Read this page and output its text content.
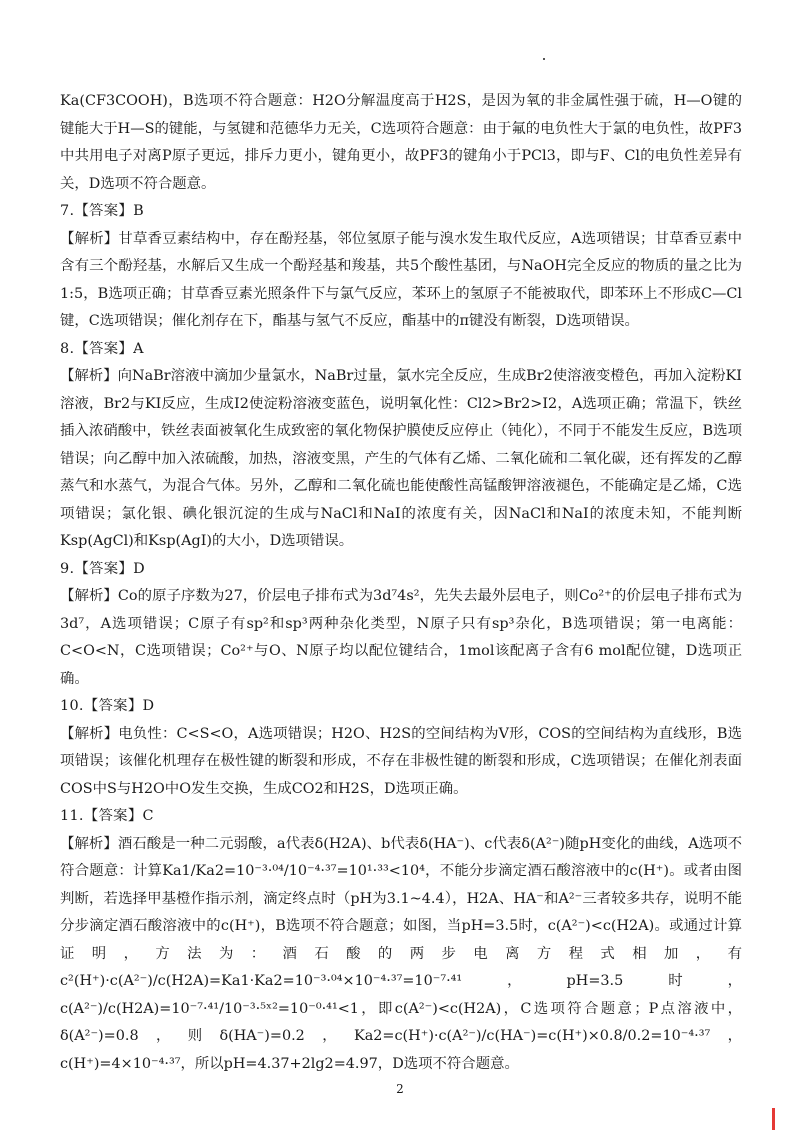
Ka(CF3COOH)，B选项不符合题意：H2O分解温度高于H2S，是因为氧的非金属性强于硫，H—O键的键能大于H—S的键能，与氢键和范德华力无关，C选项符合题意：由于氟的电负性大于氯的电负性，故PF3中共用电子对离P原子更远，排斥力更小，键角更小，故PF3的键角小于PCl3，即与F、Cl的电负性差异有关，D选项不符合题意。

7.【答案】B

【解析】甘草香豆素结构中，存在酚羟基，邻位氢原子能与溴水发生取代反应，A选项错误；甘草香豆素中含有三个酚羟基，水解后又生成一个酚羟基和羧基，共5个酸性基团，与NaOH完全反应的物质的量之比为1:5，B选项正确；甘草香豆素光照条件下与氯气反应，苯环上的氢原子不能被取代，即苯环上不形成C—Cl键，C选项错误；催化剂存在下，酯基与氢气不反应，酯基中的π键没有断裂，D选项错误。

8.【答案】A

【解析】向NaBr溶液中滴加少量氯水，NaBr过量，氯水完全反应，生成Br2使溶液变橙色，再加入淀粉KI溶液，Br2与KI反应，生成I2使淀粉溶液变蓝色，说明氧化性：Cl2>Br2>I2，A选项正确；常温下，铁丝插入浓硝酸中，铁丝表面被氧化生成致密的氧化物保护膜使反应停止（钝化），不同于不能发生反应，B选项错误；向乙醇中加入浓硫酸，加热，溶液变黑，产生的气体有乙烯、二氧化硫和二氧化碳，还有挥发的乙醇蒸气和水蒸气，为混合气体。另外，乙醇和二氧化硫也能使酸性高锰酸钾溶液褪色，不能确定是乙烯，C选项错误；氯化银、碘化银沉淀的生成与NaCl和NaI的浓度有关，因NaCl和NaI的浓度未知，不能判断Ksp(AgCl)和Ksp(AgI)的大小，D选项错误。

9.【答案】D

【解析】Co的原子序数为27，价层电子排布式为3d⁷4s²，先失去最外层电子，则Co²⁺的价层电子排布式为3d⁷，A选项错误；C原子有sp²和sp³两种杂化类型，N原子只有sp³杂化，B选项错误；第一电离能：C<O<N，C选项错误；Co²⁺与O、N原子均以配位键结合，1mol该配离子含有6 mol配位键，D选项正确。

10.【答案】D

【解析】电负性：C<S<O，A选项错误；H2O、H2S的空间结构为V形，COS的空间结构为直线形，B选项错误；该催化机理存在极性键的断裂和形成，不存在非极性键的断裂和形成，C选项错误；在催化剂表面COS中S与H2O中O发生交换，生成CO2和H2S，D选项正确。

11.【答案】C

【解析】酒石酸是一种二元弱酸，a代表δ(H2A)、b代表δ(HA⁻)、c代表δ(A²⁻)随pH变化的曲线，A选项不符合题意：计算Ka1/Ka2=10⁻³·⁰⁴/10⁻⁴·³⁷=10¹·³³<10⁴，不能分步滴定酒石酸溶液中的c(H⁺)。或者由图判断，若选择甲基橙作指示剂，滴定终点时（pH为3.1~4.4），H2A、HA⁻和A²⁻三者较多共存，说明不能分步滴定酒石酸溶液中的c(H⁺)，B选项不符合题意；如图，当pH=3.5时，c(A²⁻)<c(H2A)。或通过计算证明，方法为：酒石酸的两步电离方程式相加，有c²(H⁺)·c(A²⁻)/c(H2A)=Ka1·Ka2=10⁻³·⁰⁴×10⁻⁴·³⁷=10⁻⁷·⁴¹，pH=3.5时，c(A²⁻)/c(H2A)=10⁻⁷·⁴¹/10⁻³·⁵ˣ²=10⁻⁰·⁴¹<1，即c(A²⁻)<c(H2A)，C选项符合题意；P点溶液中，δ(A²⁻)=0.8，则δ(HA⁻)=0.2，Ka2=c(H⁺)·c(A²⁻)/c(HA⁻)=c(H⁺)×0.8/0.2=10⁻⁴·³⁷，c(H⁺)=4×10⁻⁴·³⁷，所以pH=4.37+2lg2=4.97，D选项不符合题意。

2
